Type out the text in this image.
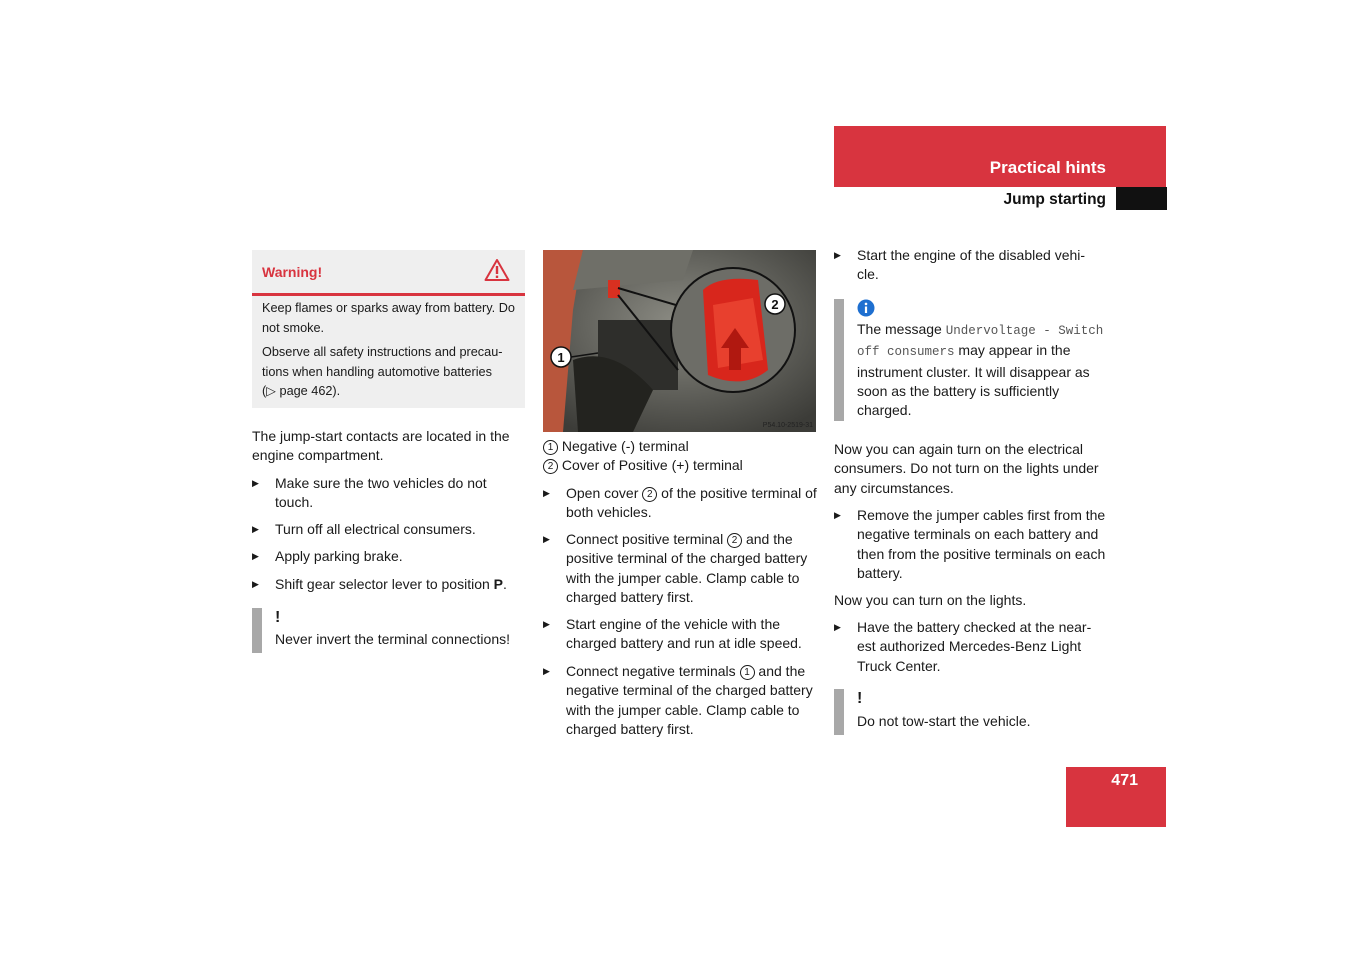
Practical hints
Jump starting
Warning!

Keep flames or sparks away from battery. Do not smoke.

Observe all safety instructions and precau-
tions when handling automotive batteries
(▷ page 462).

The jump-start contacts are located in the engine compartment.

▶ Make sure the two vehicles do not touch.
▶ Turn off all electrical consumers.
▶ Apply parking brake.
▶ Shift gear selector lever to position P.
!
Never invert the terminal connections!
2
1
P54.10-2519-31
1 Negative (-) terminal
2 Cover of Positive (+) terminal
▶ Open cover 2 of the positive terminal of both vehicles.
▶ Connect positive terminal 2 and the positive terminal of the charged battery with the jumper cable. Clamp cable to charged battery first.
▶ Start engine of the vehicle with the charged battery and run at idle speed.
▶ Connect negative terminals 1 and the negative terminal of the charged battery with the jumper cable. Clamp cable to charged battery first.
▶ Start the engine of the disabled vehi-
cle.
The message Undervoltage - Switch
off consumers may appear in the instrument cluster. It will disappear as soon as the battery is sufficiently charged.

Now you can again turn on the electrical consumers. Do not turn on the lights under any circumstances.

▶ Remove the jumper cables first from the negative terminals on each battery and then from the positive terminals on each battery.

Now you can turn on the lights.

▶ Have the battery checked at the near-
est authorized Mercedes-Benz Light
Truck Center.
!
Do not tow-start the vehicle.
471
